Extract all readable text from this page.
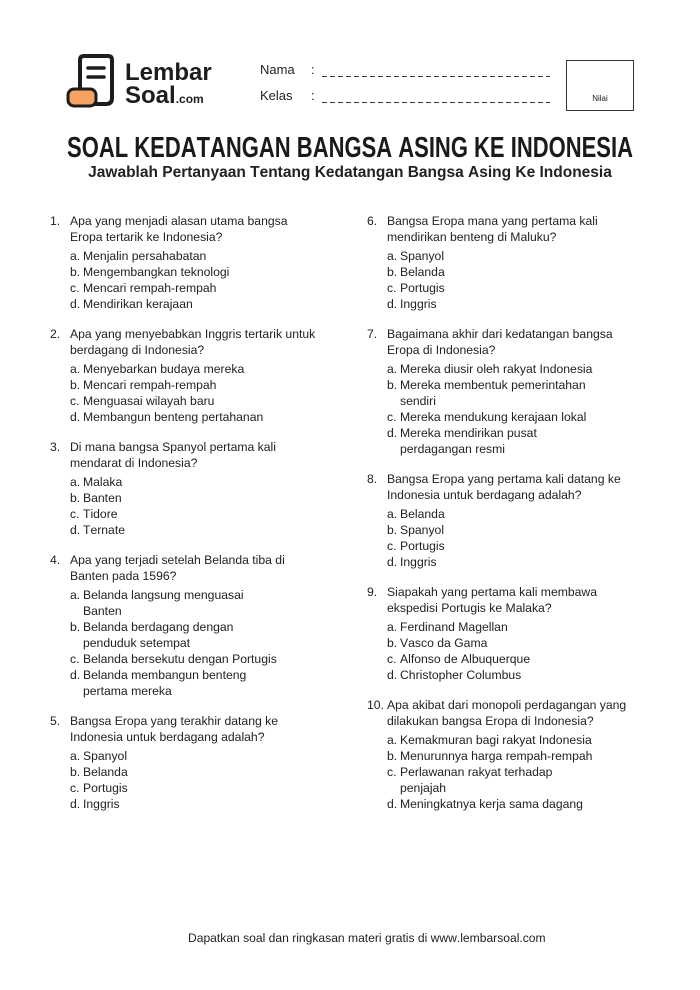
Lembar
Soal.com
Nama :
Kelas :	Nilai
SOAL KEDATANGAN BANGSA ASING KE INDONESIA
Jawablah Pertanyaan Tentang Kedatangan Bangsa Asing Ke Indonesia
1. Apa yang menjadi alasan utama bangsa Eropa tertarik ke Indonesia?
a. Menjalin persahabatan
b. Mengembangkan teknologi
c. Mencari rempah-rempah
d. Mendirikan kerajaan
2. Apa yang menyebabkan Inggris tertarik untuk berdagang di Indonesia?
a. Menyebarkan budaya mereka
b. Mencari rempah-rempah
c. Menguasai wilayah baru
d. Membangun benteng pertahanan
3. Di mana bangsa Spanyol pertama kali mendarat di Indonesia?
a. Malaka
b. Banten
c. Tidore
d. Ternate
4. Apa yang terjadi setelah Belanda tiba di Banten pada 1596?
a. Belanda langsung menguasai Banten
b. Belanda berdagang dengan penduduk setempat
c. Belanda bersekutu dengan Portugis
d. Belanda membangun benteng pertama mereka
5. Bangsa Eropa yang terakhir datang ke Indonesia untuk berdagang adalah?
a. Spanyol
b. Belanda
c. Portugis
d. Inggris
6. Bangsa Eropa mana yang pertama kali mendirikan benteng di Maluku?
a. Spanyol
b. Belanda
c. Portugis
d. Inggris
7. Bagaimana akhir dari kedatangan bangsa Eropa di Indonesia?
a. Mereka diusir oleh rakyat Indonesia
b. Mereka membentuk pemerintahan sendiri
c. Mereka mendukung kerajaan lokal
d. Mereka mendirikan pusat perdagangan resmi
8. Bangsa Eropa yang pertama kali datang ke Indonesia untuk berdagang adalah?
a. Belanda
b. Spanyol
c. Portugis
d. Inggris
9. Siapakah yang pertama kali membawa ekspedisi Portugis ke Malaka?
a. Ferdinand Magellan
b. Vasco da Gama
c. Alfonso de Albuquerque
d. Christopher Columbus
10. Apa akibat dari monopoli perdagangan yang dilakukan bangsa Eropa di Indonesia?
a. Kemakmuran bagi rakyat Indonesia
b. Menurunnya harga rempah-rempah
c. Perlawanan rakyat terhadap penjajah
d. Meningkatnya kerja sama dagang
Dapatkan soal dan ringkasan materi gratis di www.lembarsoal.com
